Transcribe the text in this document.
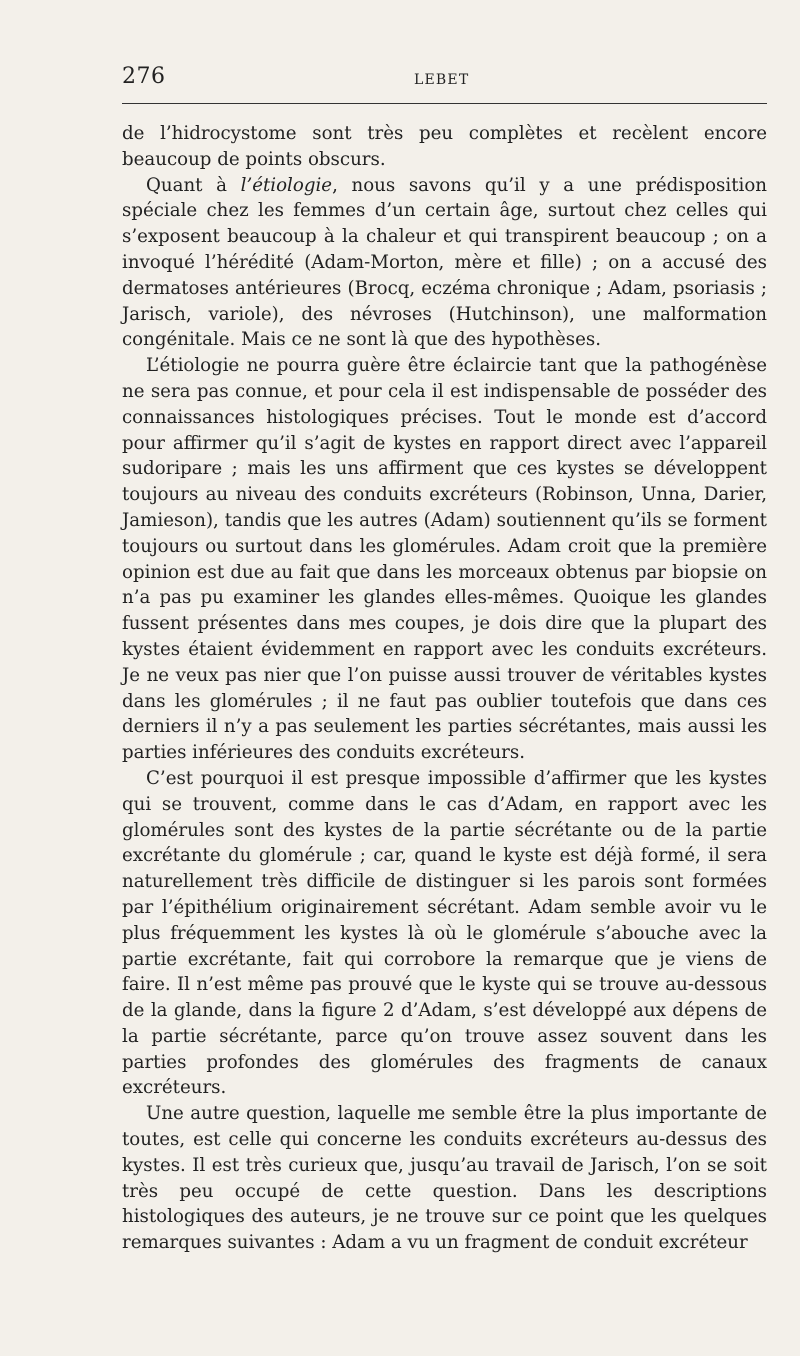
276	LEBET

de l’hidrocystome sont très peu complètes et recèlent encore beaucoup de points obscurs.

Quant à l’étiologie, nous savons qu’il y a une prédisposition spéciale chez les femmes d’un certain âge, surtout chez celles qui s’exposent beaucoup à la chaleur et qui transpirent beaucoup ; on a invoqué l’hérédité (Adam-Morton, mère et fille) ; on a accusé des dermatoses antérieures (Brocq, eczéma chronique ; Adam, psoriasis ; Jarisch, variole), des névroses (Hutchinson), une malformation congénitale. Mais ce ne sont là que des hypothèses.

L’étiologie ne pourra guère être éclaircie tant que la pathogénèse ne sera pas connue, et pour cela il est indispensable de posséder des connaissances histologiques précises. Tout le monde est d’accord pour affirmer qu’il s’agit de kystes en rapport direct avec l’appareil sudoripare ; mais les uns affirment que ces kystes se développent toujours au niveau des conduits excréteurs (Robinson, Unna, Darier, Jamieson), tandis que les autres (Adam) soutiennent qu’ils se forment toujours ou surtout dans les glomérules. Adam croit que la première opinion est due au fait que dans les morceaux obtenus par biopsie on n’a pas pu examiner les glandes elles-mêmes. Quoique les glandes fussent présentes dans mes coupes, je dois dire que la plupart des kystes étaient évidemment en rapport avec les conduits excréteurs. Je ne veux pas nier que l’on puisse aussi trouver de véritables kystes dans les glomérules ; il ne faut pas oublier toutefois que dans ces derniers il n’y a pas seulement les parties sécrétantes, mais aussi les parties inférieures des conduits excréteurs.

C’est pourquoi il est presque impossible d’affirmer que les kystes qui se trouvent, comme dans le cas d’Adam, en rapport avec les glomérules sont des kystes de la partie sécrétante ou de la partie excrétante du glomérule ; car, quand le kyste est déjà formé, il sera naturellement très difficile de distinguer si les parois sont formées par l’épithélium originairement sécrétant. Adam semble avoir vu le plus fréquemment les kystes là où le glomérule s’abouche avec la partie excrétante, fait qui corrobore la remarque que je viens de faire. Il n’est même pas prouvé que le kyste qui se trouve au-dessous de la glande, dans la figure 2 d’Adam, s’est développé aux dépens de la partie sécrétante, parce qu’on trouve assez souvent dans les parties profondes des glomérules des fragments de canaux excréteurs.

Une autre question, laquelle me semble être la plus importante de toutes, est celle qui concerne les conduits excréteurs au-dessus des kystes. Il est très curieux que, jusqu’au travail de Jarisch, l’on se soit très peu occupé de cette question. Dans les descriptions histologiques des auteurs, je ne trouve sur ce point que les quelques remarques suivantes : Adam a vu un fragment de conduit excréteur
